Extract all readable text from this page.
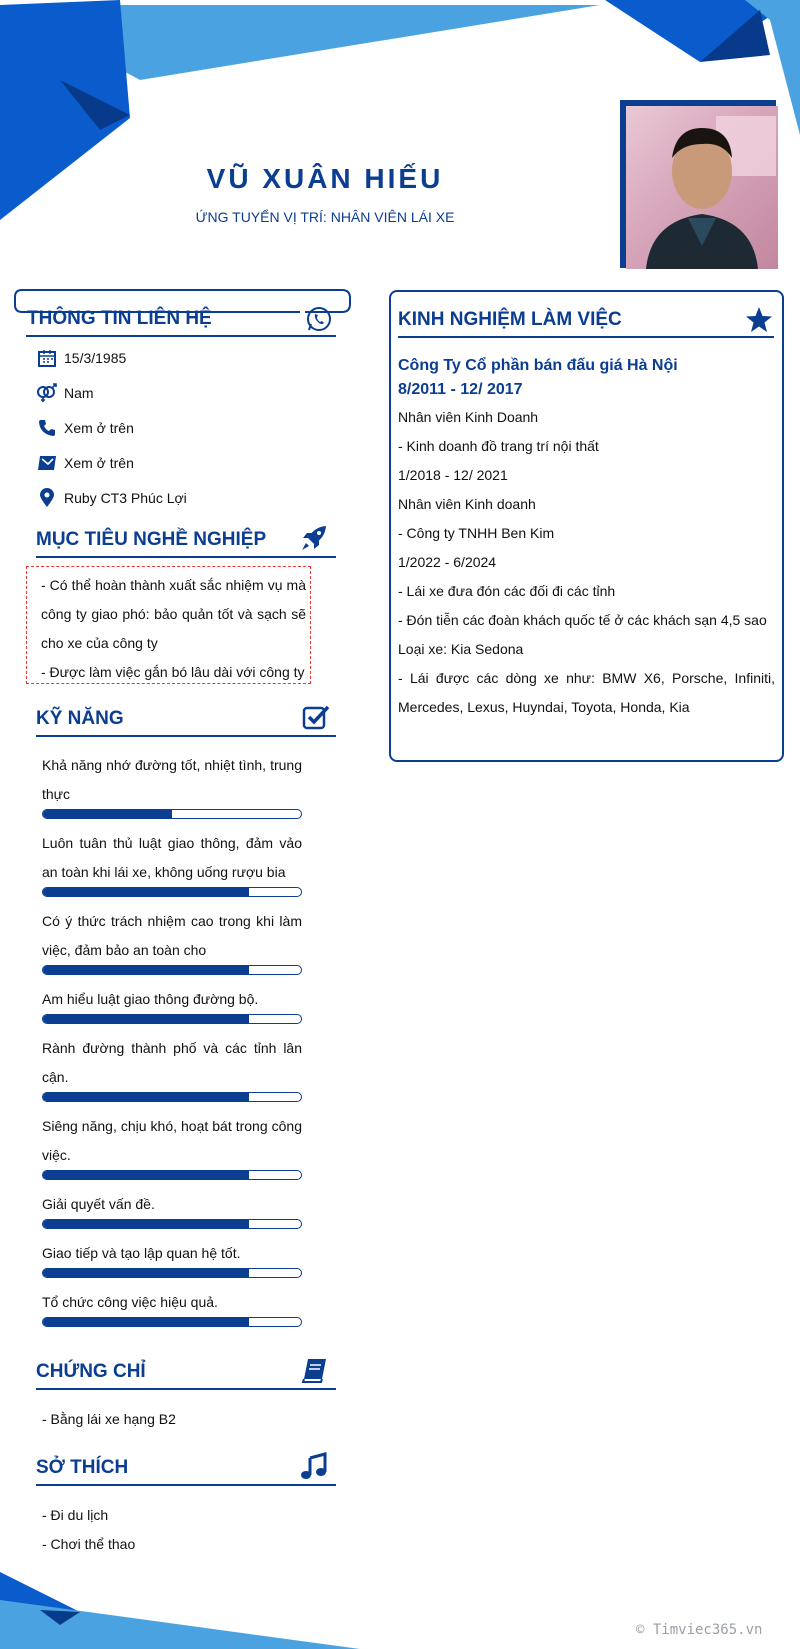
VŨ XUÂN HIẾU
ỨNG TUYỂN VỊ TRÍ: NHÂN VIÊN LÁI XE
THÔNG TIN LIÊN HỆ
15/3/1985
Nam
Xem ở trên
Xem ở trên
Ruby CT3 Phúc Lợi
MỤC TIÊU NGHỀ NGHIỆP

- Có thể hoàn thành xuất sắc nhiệm vụ mà công ty giao phó: bảo quản tốt và sạch sẽ cho xe của công ty

- Được làm việc gắn bó lâu dài với công ty

KỸ NĂNG
Khả năng nhớ đường tốt, nhiệt tình, trung thực
Luôn tuân thủ luật giao thông, đảm vảo an toàn khi lái xe, không uống rượu bia
Có ý thức trách nhiệm cao trong khi làm việc, đảm bảo an toàn cho
Am hiểu luật giao thông đường bộ.
Rành đường thành phố và các tỉnh lân cận.
Siêng năng, chịu khó, hoạt bát trong công việc.
Giải quyết vấn đề.
Giao tiếp và tạo lập quan hệ tốt.
Tổ chức công việc hiệu quả.
CHỨNG CHỈ
- Bằng lái xe hạng B2
SỞ THÍCH
- Đi du lịch
- Chơi thể thao
KINH NGHIỆM LÀM VIỆC
Công Ty Cổ phần bán đấu giá Hà Nội
8/2011 - 12/ 2017

Nhân viên Kinh Doanh

- Kinh doanh đồ trang trí nội thất

1/2018 - 12/ 2021

Nhân viên Kinh doanh

- Công ty TNHH Ben Kim

1/2022 - 6/2024

- Lái xe đưa đón các đối đi các tỉnh

- Đón tiễn các đoàn khách quốc tế ở các khách sạn 4,5 sao

Loại xe: Kia Sedona

- Lái được các dòng xe như: BMW X6, Porsche, Infiniti, Mercedes, Lexus, Huyndai, Toyota, Honda, Kia

© Timviec365.vn
